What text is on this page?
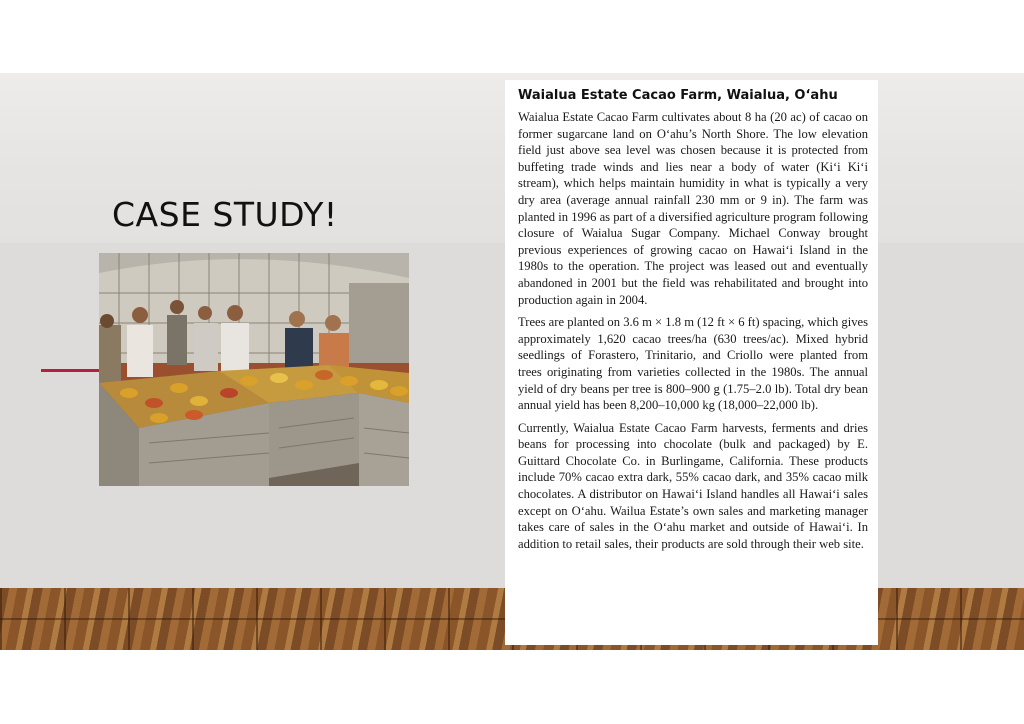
CASE STUDY!
Waialua Estate Cacao Farm, Waialua, O‘ahu

Waialua Estate Cacao Farm cultivates about 8 ha (20 ac) of cacao on former sugarcane land on O‘ahu’s North Shore. The low elevation field just above sea level was chosen because it is protected from buffeting trade winds and lies near a body of water (Ki‘i Ki‘i stream), which helps maintain humidity in what is typically a very dry area (average annual rainfall 230 mm or 9 in). The farm was planted in 1996 as part of a diversified agriculture program following closure of Waialua Sugar Company. Michael Conway brought previous experiences of growing cacao on Hawai‘i Island in the 1980s to the operation. The project was leased out and eventually abandoned in 2001 but the field was rehabilitated and brought into production again in 2004.

Trees are planted on 3.6 m × 1.8 m (12 ft × 6 ft) spacing, which gives approximately 1,620 cacao trees/ha (630 trees/ac). Mixed hybrid seedlings of Forastero, Trinitario, and Criollo were planted from trees originating from varieties collected in the 1980s. The annual yield of dry beans per tree is 800–900 g (1.75–2.0 lb). Total dry bean annual yield has been 8,200–10,000 kg (18,000–22,000 lb).

Currently, Waialua Estate Cacao Farm harvests, ferments and dries beans for processing into chocolate (bulk and packaged) by E. Guittard Chocolate Co. in Burlingame, California. These products include 70% cacao extra dark, 55% cacao dark, and 35% cacao milk chocolates. A distributor on Hawai‘i Island handles all Hawai‘i sales except on O‘ahu. Wailua Estate’s own sales and marketing manager takes care of sales in the O‘ahu market and outside of Hawai‘i. In addition to retail sales, their products are sold through their web site.
